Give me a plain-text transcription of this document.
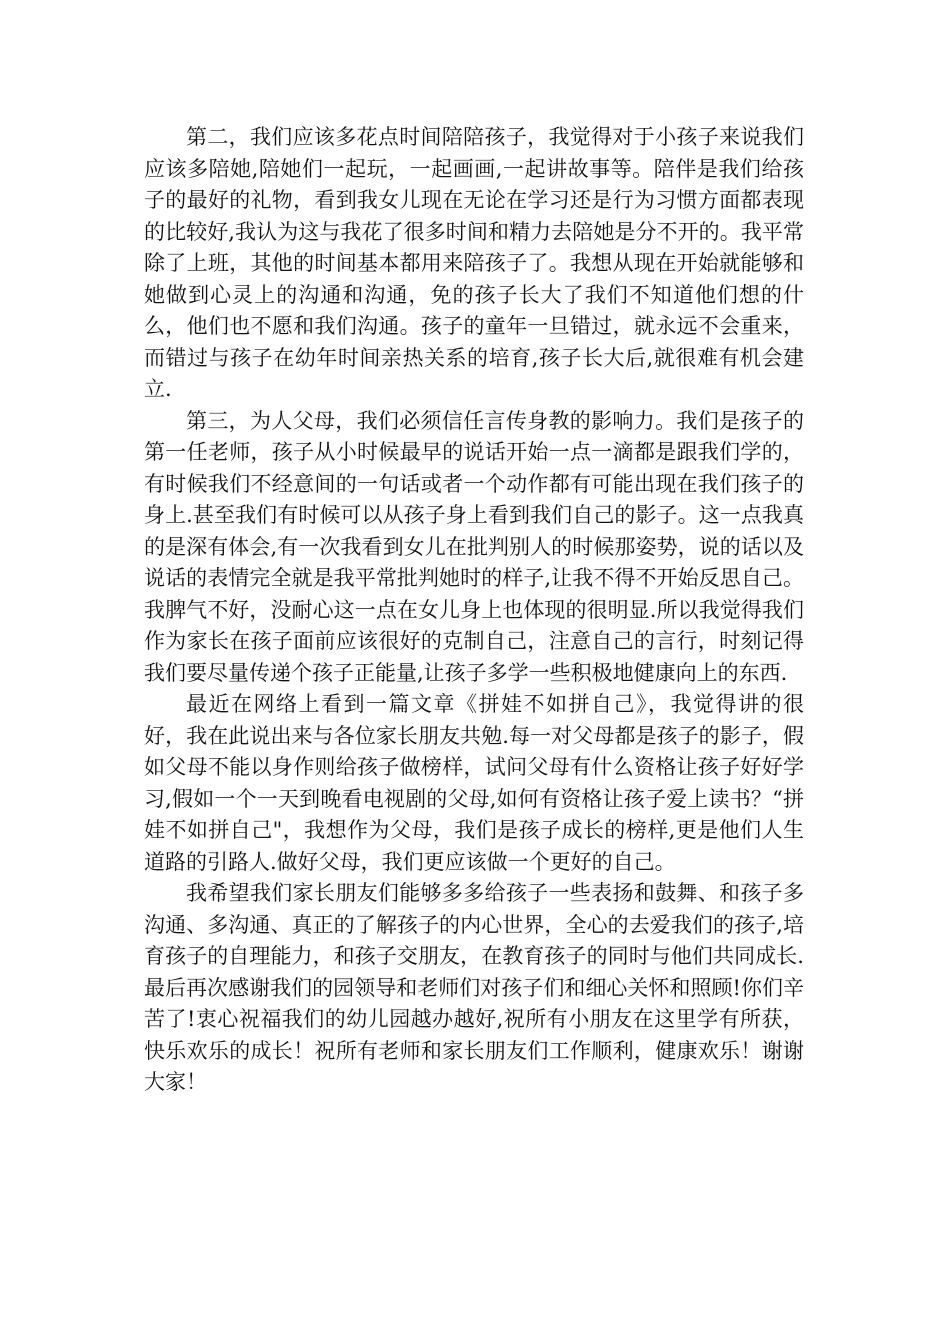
第二，我们应该多花点时间陪陪孩子，我觉得对于小孩子来说我们应该多陪她,陪她们一起玩，一起画画,一起讲故事等。陪伴是我们给孩子的最好的礼物，看到我女儿现在无论在学习还是行为习惯方面都表现的比较好,我认为这与我花了很多时间和精力去陪她是分不开的。我平常除了上班，其他的时间基本都用来陪孩子了。我想从现在开始就能够和她做到心灵上的沟通和沟通，免的孩子长大了我们不知道他们想的什么，他们也不愿和我们沟通。孩子的童年一旦错过，就永远不会重来，而错过与孩子在幼年时间亲热关系的培育,孩子长大后,就很难有机会建立.

第三，为人父母，我们必须信任言传身教的影响力。我们是孩子的第一任老师，孩子从小时候最早的说话开始一点一滴都是跟我们学的，有时候我们不经意间的一句话或者一个动作都有可能出现在我们孩子的身上.甚至我们有时候可以从孩子身上看到我们自己的影子。这一点我真的是深有体会,有一次我看到女儿在批判别人的时候那姿势，说的话以及说话的表情完全就是我平常批判她时的样子,让我不得不开始反思自己。我脾气不好，没耐心这一点在女儿身上也体现的很明显.所以我觉得我们作为家长在孩子面前应该很好的克制自己，注意自己的言行，时刻记得我们要尽量传递个孩子正能量,让孩子多学一些积极地健康向上的东西.

最近在网络上看到一篇文章《拼娃不如拼自己》，我觉得讲的很好，我在此说出来与各位家长朋友共勉.每一对父母都是孩子的影子，假如父母不能以身作则给孩子做榜样，试问父母有什么资格让孩子好好学习,假如一个一天到晚看电视剧的父母,如何有资格让孩子爱上读书？“拼娃不如拼自己"，我想作为父母，我们是孩子成长的榜样,更是他们人生道路的引路人.做好父母，我们更应该做一个更好的自己。

我希望我们家长朋友们能够多多给孩子一些表扬和鼓舞、和孩子多沟通、多沟通、真正的了解孩子的内心世界，全心的去爱我们的孩子,培育孩子的自理能力，和孩子交朋友，在教育孩子的同时与他们共同成长.最后再次感谢我们的园领导和老师们对孩子们和细心关怀和照顾!你们辛苦了!衷心祝福我们的幼儿园越办越好,祝所有小朋友在这里学有所获，快乐欢乐的成长！祝所有老师和家长朋友们工作顺利，健康欢乐！谢谢大家！
